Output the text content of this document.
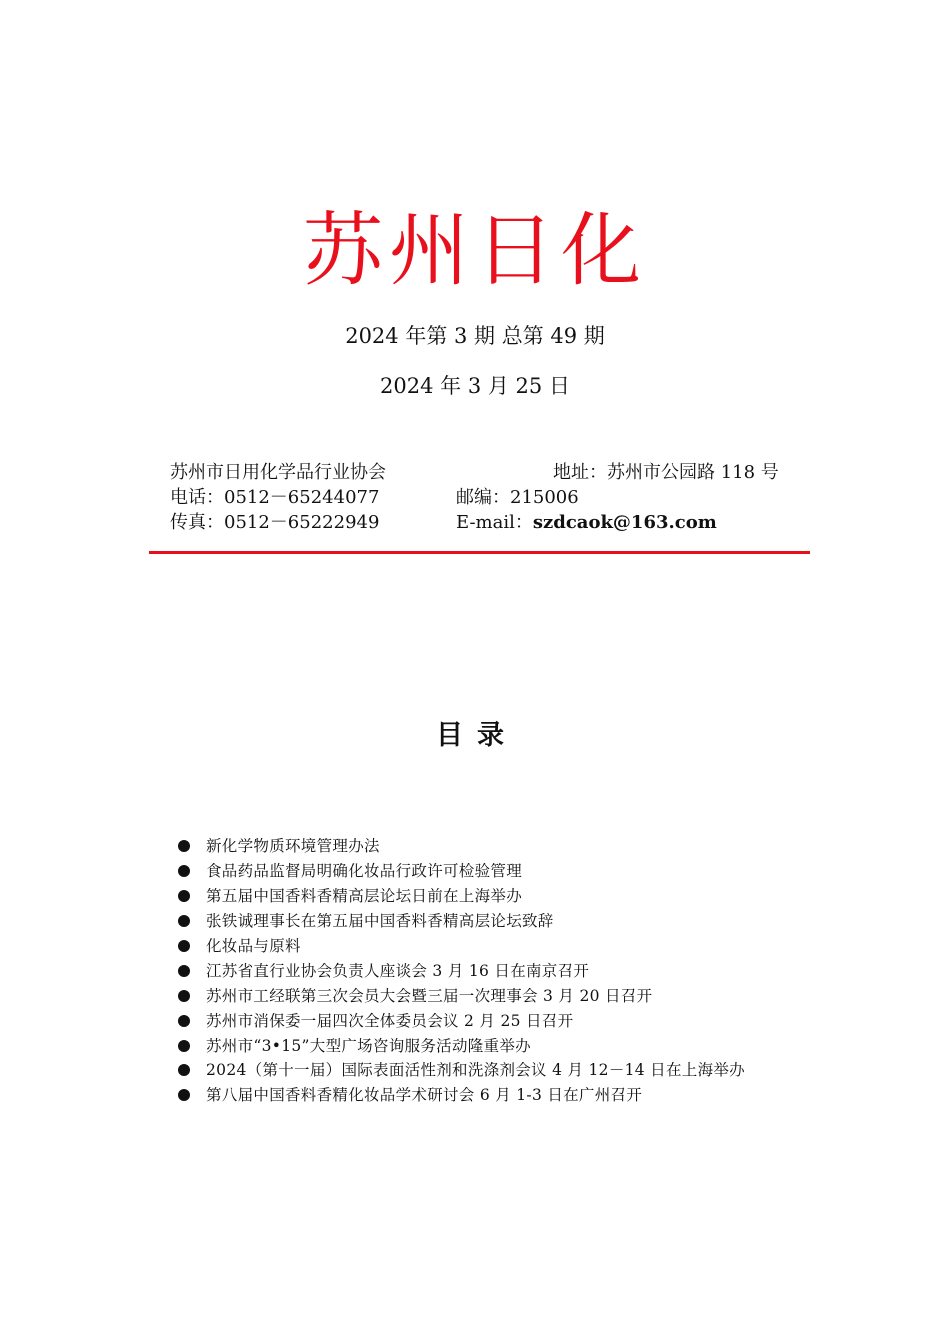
苏州日化
2024 年第 3 期 总第 49 期
2024 年 3 月 25 日
苏州市日用化学品行业协会	地址：苏州市公园路 118 号
电话：0512－65244077	邮编：215006
传真：0512－65222949	E-mail：szdcaok@163.com
目录
新化学物质环境管理办法
食品药品监督局明确化妆品行政许可检验管理
第五届中国香料香精高层论坛日前在上海举办
张铁诚理事长在第五届中国香料香精高层论坛致辞
化妆品与原料
江苏省直行业协会负责人座谈会 3 月 16 日在南京召开
苏州市工经联第三次会员大会暨三届一次理事会 3 月 20 日召开
苏州市消保委一届四次全体委员会议 2 月 25 日召开
苏州市“3•15”大型广场咨询服务活动隆重举办
2024（第十一届）国际表面活性剂和洗涤剂会议 4 月 12－14 日在上海举办
第八届中国香料香精化妆品学术研讨会 6 月 1-3 日在广州召开
